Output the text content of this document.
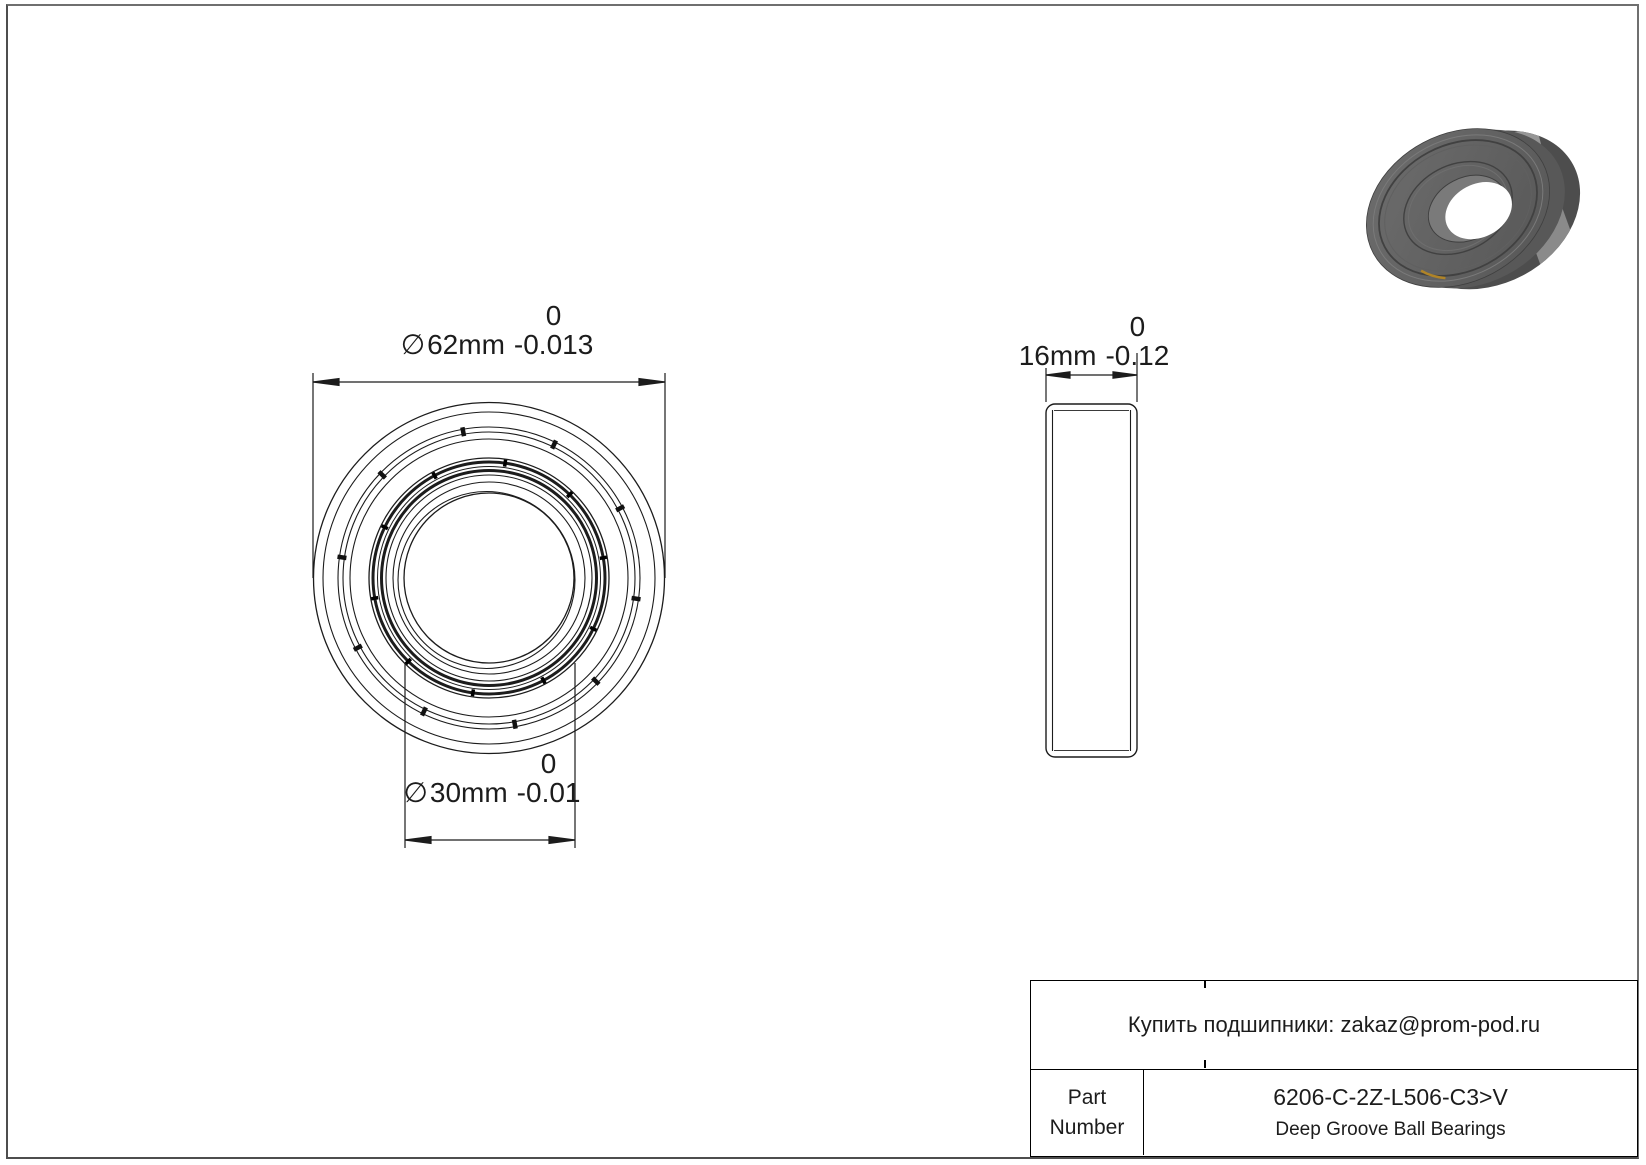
∅ 62mm
0
-0.013
∅ 30mm
0
-0.01
16mm
0
-0.12
Купить подшипники: zakaz@prom-pod.ru
Part
Number
6206-C-2Z-L506-C3>V
Deep Groove Ball Bearings
